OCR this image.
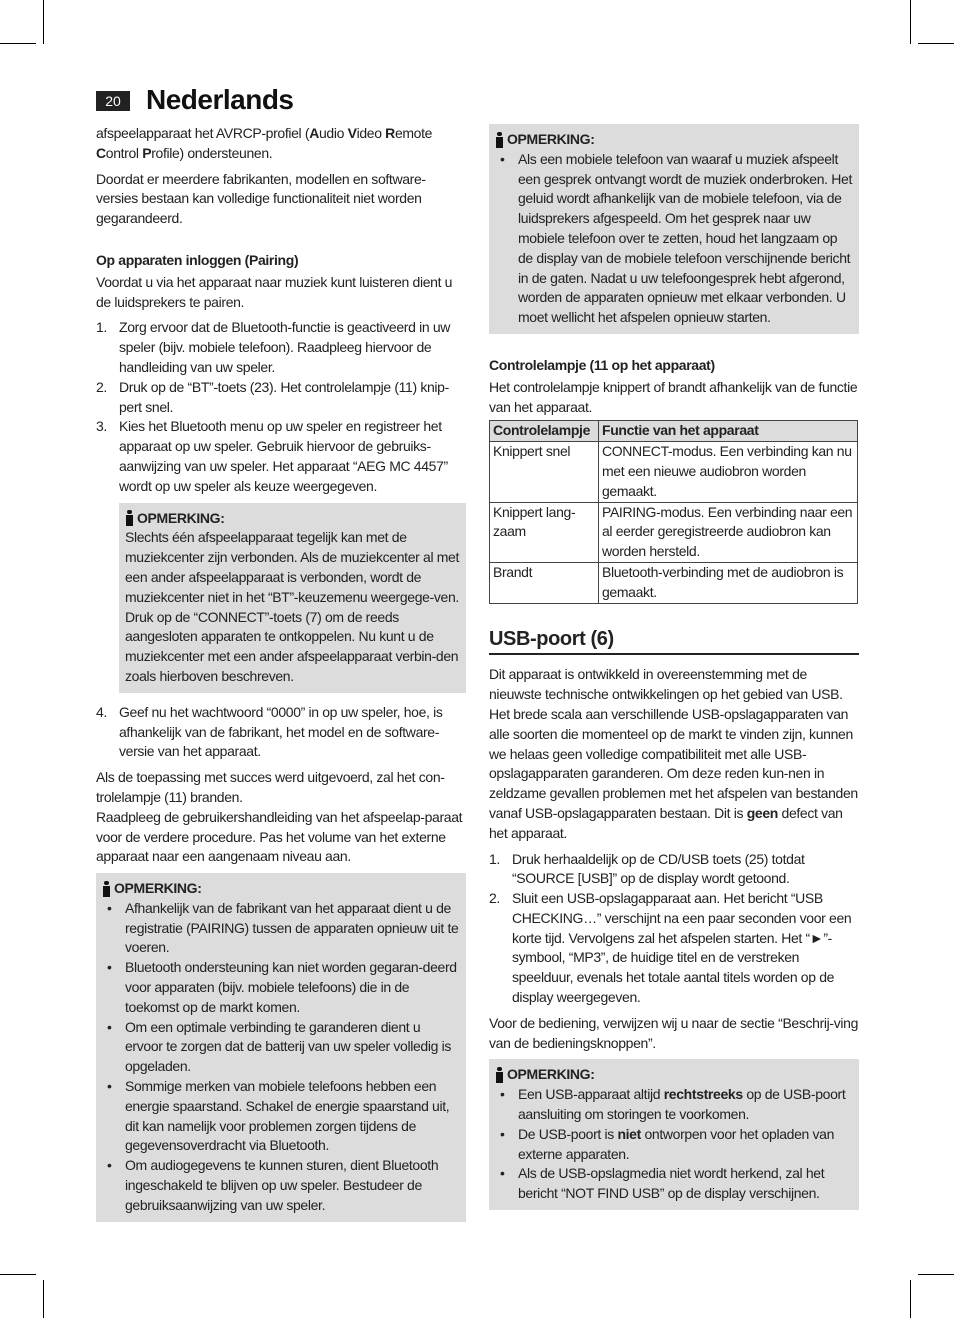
20 Nederlands

afspeelapparaat het AVRCP-profiel (Audio Video Remote Control Profile) ondersteunen.

Doordat er meerdere fabrikanten, modellen en software-versies bestaan kan volledige functionaliteit niet worden gegarandeerd.

Op apparaten inloggen (Pairing)

Voordat u via het apparaat naar muziek kunt luisteren dient u de luidsprekers te pairen.

1. Zorg ervoor dat de Bluetooth-functie is geactiveerd in uw speler (bijv. mobiele telefoon). Raadpleeg hiervoor de handleiding van uw speler.
2. Druk op de “BT”-toets (23). Het controlelampje (11) knip-pert snel.
3. Kies het Bluetooth menu op uw speler en registreer het apparaat op uw speler. Gebruik hiervoor de gebruiks-aanwijzing van uw speler. Het apparaat “AEG MC 4457” wordt op uw speler als keuze weergegeven.
OPMERKING:
Slechts één afspeelapparaat tegelijk kan met de muziekcenter zijn verbonden. Als de muziekcenter al met een ander afspeelapparaat is verbonden, wordt de muziekcenter niet in het “BT”-keuzemenu weergege-ven. Druk op de “CONNECT”-toets (7) om de reeds aangesloten apparaten te ontkoppelen. Nu kunt u de muziekcenter met een ander afspeelapparaat verbin-den zoals hierboven beschreven.
4. Geef nu het wachtwoord “0000” in op uw speler, hoe, is afhankelijk van de fabrikant, het model en de software-versie van het apparaat.

Als de toepassing met succes werd uitgevoerd, zal het con-trolelampje (11) branden.

Raadpleeg de gebruikershandleiding van het afspeelap-paraat voor de verdere procedure. Pas het volume van het externe apparaat naar een aangenaam niveau aan.

OPMERKING:
• Afhankelijk van de fabrikant van het apparaat dient u de registratie (PAIRING) tussen de apparaten opnieuw uit te voeren.
• Bluetooth ondersteuning kan niet worden gegaran-deerd voor apparaten (bijv. mobiele telefoons) die in de toekomst op de markt komen.
• Om een optimale verbinding te garanderen dient u ervoor te zorgen dat de batterij van uw speler volledig is opgeladen.
• Sommige merken van mobiele telefoons hebben een energie spaarstand. Schakel de energie spaarstand uit, dit kan namelijk voor problemen zorgen tijdens de gegevensoverdracht via Bluetooth.
• Om audiogegevens te kunnen sturen, dient Bluetooth ingeschakeld te blijven op uw speler. Bestudeer de gebruiksaanwijzing van uw speler.
OPMERKING:
• Als een mobiele telefoon van waaraf u muziek afspeelt een gesprek ontvangt wordt de muziek onderbroken. Het geluid wordt afhankelijk van de mobiele telefoon, via de luidsprekers afgespeeld. Om het gesprek naar uw mobiele telefoon over te zetten, houd het langzaam op de display van de mobiele telefoon verschijnende bericht in de gaten. Nadat u uw telefoongesprek hebt afgerond, worden de apparaten opnieuw met elkaar verbonden. U moet wellicht het afspelen opnieuw starten.

Controlelampje (11 op het apparaat)

Het controlelampje knippert of brandt afhankelijk van de functie van het apparaat.

Controlelampje	Functie van het apparaat
Knippert snel	CONNECT-modus. Een verbinding kan nu met een nieuwe audiobron worden gemaakt.
Knippert lang-zaam	PAIRING-modus. Een verbinding naar een al eerder geregistreerde audiobron kan worden hersteld.
Brandt	Bluetooth-verbinding met de audiobron is gemaakt.
USB-poort (6)

Dit apparaat is ontwikkeld in overeenstemming met de nieuwste technische ontwikkelingen op het gebied van USB. Het brede scala aan verschillende USB-opslagapparaten van alle soorten die momenteel op de markt te vinden zijn, kunnen we helaas geen volledige compatibiliteit met alle USB-opslagapparaten garanderen. Om deze reden kun-nen in zeldzame gevallen problemen met het afspelen van bestanden vanaf USB-opslagapparaten bestaan. Dit is geen defect van het apparaat.

1. Druk herhaaldelijk op de CD/USB toets (25) totdat “SOURCE [USB]” op de display wordt getoond.
2. Sluit een USB-opslagapparaat aan. Het bericht “USB CHECKING…” verschijnt na een paar seconden voor een korte tijd. Vervolgens zal het afspelen starten. Het “►”-symbool, “MP3”, de huidige titel en de verstreken speelduur, evenals het totale aantal titels worden op de display weergegeven.

Voor de bediening, verwijzen wij u naar de sectie “Beschrij-ving van de bedieningsknoppen”.

OPMERKING:
• Een USB-apparaat altijd rechtstreeks op de USB-poort aansluiting om storingen te voorkomen.
• De USB-poort is niet ontworpen voor het opladen van externe apparaten.
• Als de USB-opslagmedia niet wordt herkend, zal het bericht “NOT FIND USB” op de display verschijnen.
